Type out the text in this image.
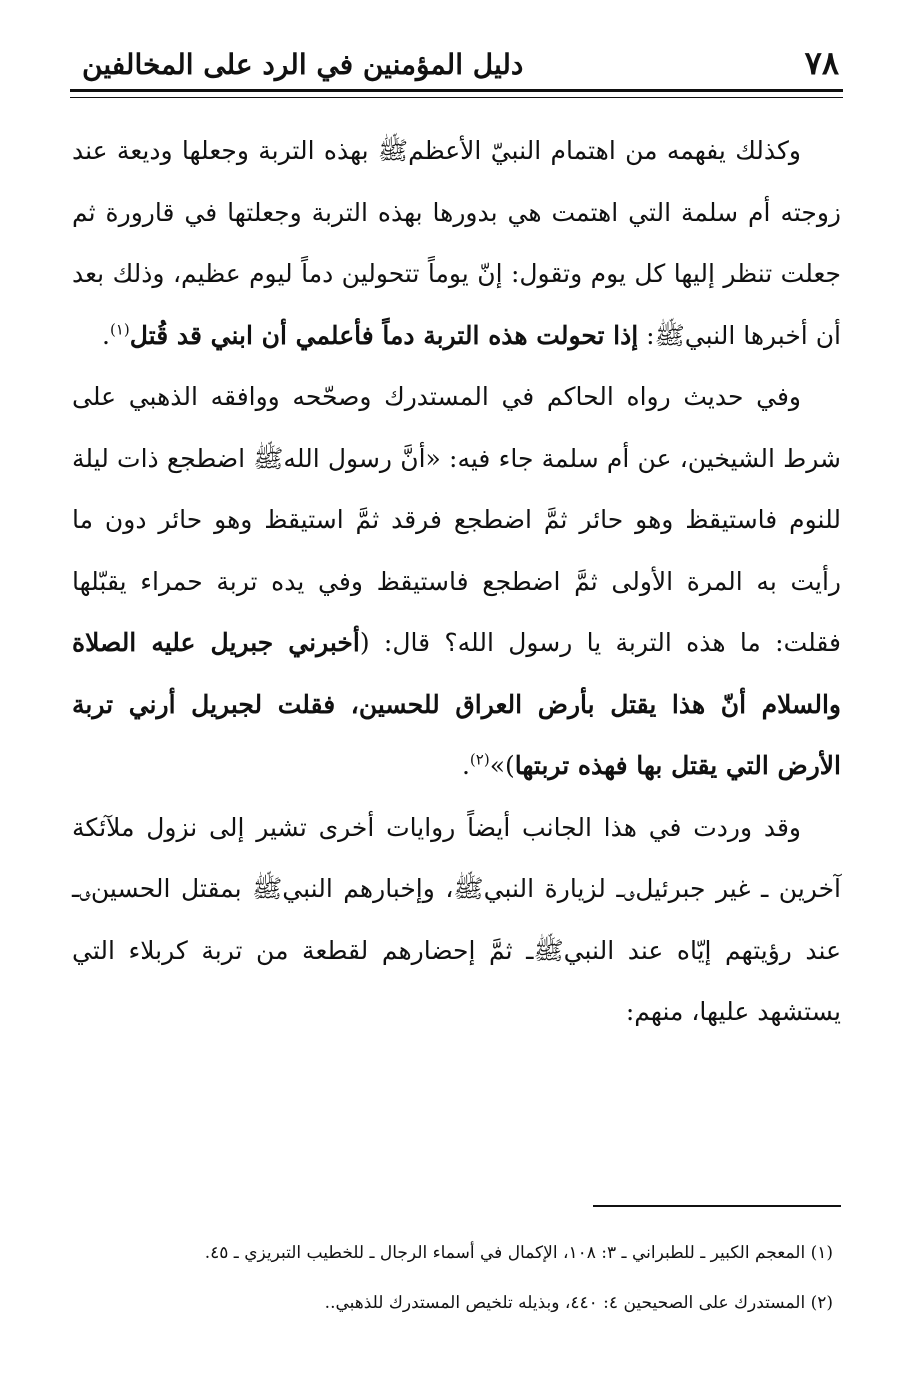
٧٨
دليل المؤمنين في الرد على المخالفين

وكذلك يفهمه من اهتمام النبيّ الأعظمﷺ بهذه التربة وجعلها وديعة عند زوجته أم سلمة التي اهتمت هي بدورها بهذه التربة وجعلتها في قارورة ثم جعلت تنظر إليها كل يوم وتقول: إنّ يوماً تتحولين دماً ليوم عظيم، وذلك بعد أن أخبرها النبيﷺ: إذا تحولت هذه التربة دماً فأعلمي أن ابني قد قُتل$^{(١)}$.

وفي حديث رواه الحاكم في المستدرك وصحّحه ووافقه الذهبي على شرط الشيخين، عن أم سلمة جاء فيه: «أنَّ رسول اللهﷺ اضطجع ذات ليلة للنوم فاستيقظ وهو حائر ثمَّ اضطجع فرقد ثمَّ استيقظ وهو حائر دون ما رأيت به المرة الأولى ثمَّ اضطجع فاستيقظ وفي يده تربة حمراء يقبّلها فقلت: ما هذه التربة يا رسول الله؟ قال: (أخبرني جبريل عليه الصلاة والسلام أنّ هذا يقتل بأرض العراق للحسين، فقلت لجبريل أرني تربة الأرض التي يقتل بها فهذه تربتها)»$^{(٢)}$.

وقد وردت في هذا الجانب أيضاً روايات أخرى تشير إلى نزول ملآئكة آخرين ـ غير جبرئيل؈ـ لزيارة النبيﷺ، وإخبارهم النبيﷺ بمقتل الحسين؈ـ عند رؤيتهم إيّاه عند النبيﷺـ ثمَّ إحضارهم لقطعة من تربة كربلاء التي يستشهد عليها، منهم:

(١) المعجم الكبير ـ للطبراني ـ ٣: ١٠٨، الإكمال في أسماء الرجال ـ للخطيب التبريزي ـ ٤٥.

(٢) المستدرك على الصحيحين ٤: ٤٤٠، وبذيله تلخيص المستدرك للذهبي..
